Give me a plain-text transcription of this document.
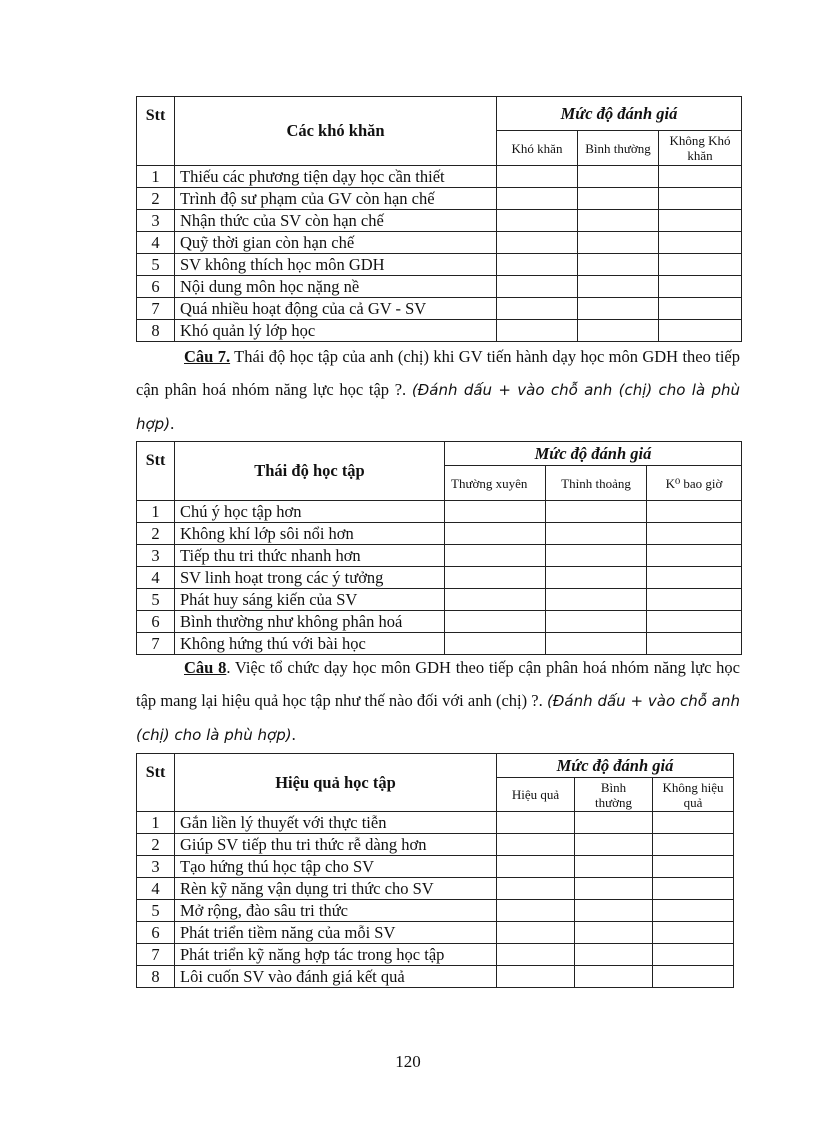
Stt	Các khó khăn	Mức độ đánh giá		
		Khó khăn	Bình thường	Không Khó khăn
1	Thiếu các phương tiện dạy học cần thiết			
2	Trình độ sư phạm của GV còn hạn chế			
3	Nhận thức của SV còn hạn chế			
4	Quỹ thời gian còn hạn chế			
5	SV không thích học môn GDH			
6	Nội dung môn học nặng nề			
7	Quá nhiều hoạt động của cả GV - SV			
8	Khó quản lý lớp học			

Câu 7. Thái độ học tập của anh (chị) khi GV tiến hành dạy học môn GDH theo tiếp cận phân hoá nhóm năng lực học tập ?. (Đánh dấu + vào chỗ anh (chị) cho là phù hợp).

Stt	Thái độ học tập	Mức độ đánh giá		
		Thường xuyên	Thỉnh thoảng	K⁰ bao giờ
1	Chú ý học tập hơn			
2	Không khí lớp sôi nổi hơn			
3	Tiếp thu tri thức nhanh hơn			
4	SV linh hoạt trong các ý tưởng			
5	Phát huy sáng kiến của SV			
6	Bình thường như không phân hoá			
7	Không hứng thú với bài học			

Câu 8. Việc tổ chức dạy học môn GDH theo tiếp cận phân hoá nhóm năng lực học tập mang lại hiệu quả học tập như thế nào đối với anh (chị) ?. (Đánh dấu + vào chỗ anh (chị) cho là phù hợp).

Stt	Hiệu quả học tập	Mức độ đánh giá		
		Hiệu quả	Bình thường	Không hiệu quả
1	Gắn liền lý thuyết với thực tiễn			
2	Giúp SV tiếp thu tri thức rễ dàng hơn			
3	Tạo hứng thú học tập cho SV			
4	Rèn kỹ năng vận dụng tri thức cho SV			
5	Mở rộng, đào sâu tri thức			
6	Phát triển tiềm năng của mỗi SV			
7	Phát triển kỹ năng hợp tác trong học tập			
8	Lôi cuốn SV vào đánh giá kết quả			
120
